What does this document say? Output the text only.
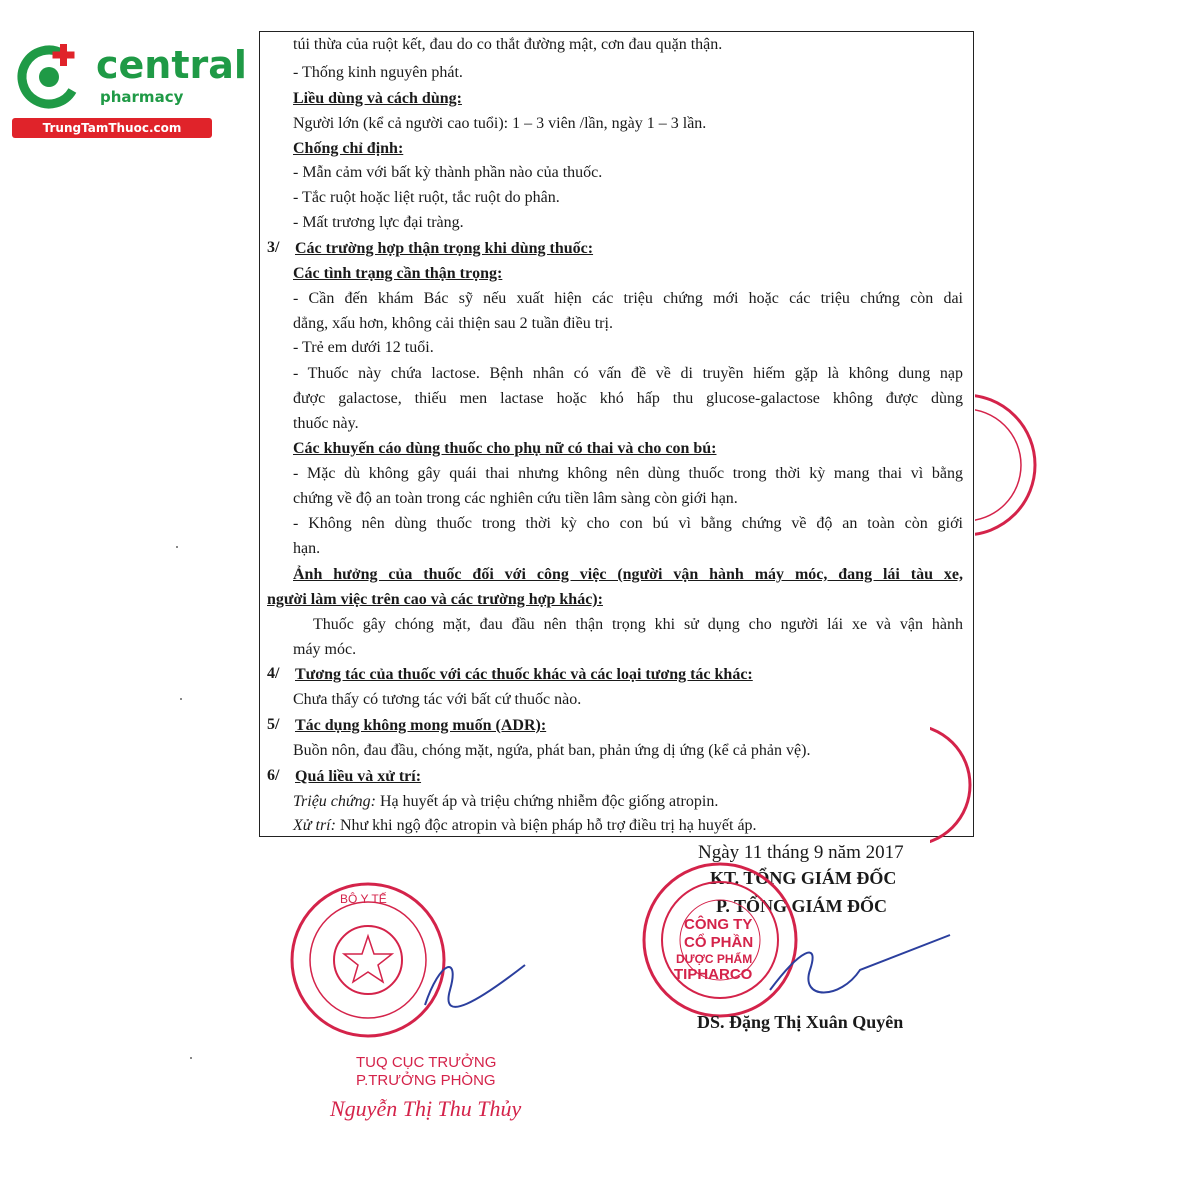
central
pharmacy
TrungTamThuoc.com
túi thừa của ruột kết, đau do co thắt đường mật, cơn đau quặn thận.
- Thống kinh nguyên phát.
Liều dùng và cách dùng:
Người lớn (kể cả người cao tuổi): 1 – 3 viên /lần, ngày 1 – 3 lần.
Chống chỉ định:
- Mẫn cảm với bất kỳ thành phần nào của thuốc.
- Tắc ruột hoặc liệt ruột, tắc ruột do phân.
- Mất trương lực đại tràng.
3/ Các trường hợp thận trọng khi dùng thuốc:
Các tình trạng cần thận trọng:
- Cần đến khám Bác sỹ nếu xuất hiện các triệu chứng mới hoặc các triệu chứng còn dai
dẳng, xấu hơn, không cải thiện sau 2 tuần điều trị.
- Trẻ em dưới 12 tuổi.
- Thuốc này chứa lactose. Bệnh nhân có vấn đề về di truyền hiếm gặp là không dung nạp
được galactose, thiếu men lactase hoặc khó hấp thu glucose-galactose không được dùng
thuốc này.
Các khuyến cáo dùng thuốc cho phụ nữ có thai và cho con bú:
- Mặc dù không gây quái thai nhưng không nên dùng thuốc trong thời kỳ mang thai vì bằng
chứng về độ an toàn trong các nghiên cứu tiền lâm sàng còn giới hạn.
- Không nên dùng thuốc trong thời kỳ cho con bú vì bằng chứng về độ an toàn còn giới
hạn.
Ảnh hưởng của thuốc đối với công việc (người vận hành máy móc, đang lái tàu xe,
người làm việc trên cao và các trường hợp khác):
Thuốc gây chóng mặt, đau đầu nên thận trọng khi sử dụng cho người lái xe và vận hành
máy móc.
4/ Tương tác của thuốc với các thuốc khác và các loại tương tác khác:
Chưa thấy có tương tác với bất cứ thuốc nào.
5/ Tác dụng không mong muốn (ADR):
Buồn nôn, đau đầu, chóng mặt, ngứa, phát ban, phản ứng dị ứng (kể cả phản vệ).
6/ Quá liều và xử trí:
Triệu chứng: Hạ huyết áp và triệu chứng nhiễm độc giống atropin.
Xử trí: Như khi ngộ độc atropin và biện pháp hỗ trợ điều trị hạ huyết áp.
Ngày 11 tháng 9 năm 2017
KT. TỔNG GIÁM ĐỐC
P. TỔNG GIÁM ĐỐC
CÔNG TY
CỔ PHẦN
DƯỢC PHẨM
TIPHARCO
DS. Đặng Thị Xuân Quyên
BỘ Y TẾ
TUQ CỤC TRƯỞNG
P.TRƯỞNG PHÒNG
Nguyễn Thị Thu Thủy
